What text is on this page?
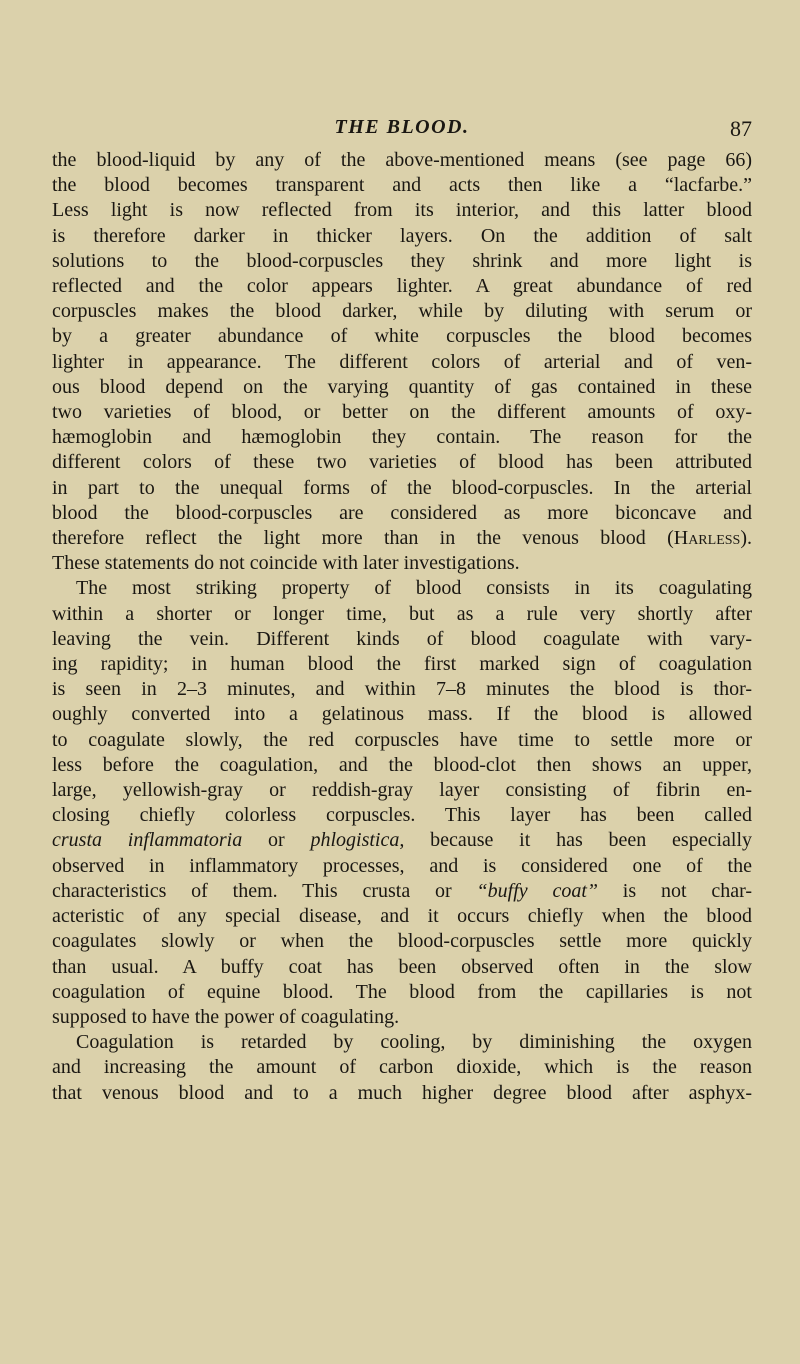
THE BLOOD.	87
the blood-liquid by any of the above-mentioned means (see page 66)
the blood becomes transparent and acts then like a “lacfarbe.”
Less light is now reflected from its interior, and this latter blood
is therefore darker in thicker layers. On the addition of salt
solutions to the blood-corpuscles they shrink and more light is
reflected and the color appears lighter. A great abundance of red
corpuscles makes the blood darker, while by diluting with serum or
by a greater abundance of white corpuscles the blood becomes
lighter in appearance. The different colors of arterial and of ven-
ous blood depend on the varying quantity of gas contained in these
two varieties of blood, or better on the different amounts of oxy-
hæmoglobin and hæmoglobin they contain. The reason for the
different colors of these two varieties of blood has been attributed
in part to the unequal forms of the blood-corpuscles. In the arterial
blood the blood-corpuscles are considered as more biconcave and
therefore reflect the light more than in the venous blood (Harless).
These statements do not coincide with later investigations.
The most striking property of blood consists in its coagulating
within a shorter or longer time, but as a rule very shortly after
leaving the vein. Different kinds of blood coagulate with vary-
ing rapidity; in human blood the first marked sign of coagulation
is seen in 2–3 minutes, and within 7–8 minutes the blood is thor-
oughly converted into a gelatinous mass. If the blood is allowed
to coagulate slowly, the red corpuscles have time to settle more or
less before the coagulation, and the blood-clot then shows an upper,
large, yellowish-gray or reddish-gray layer consisting of fibrin en-
closing chiefly colorless corpuscles. This layer has been called
crusta inflammatoria or phlogistica, because it has been especially
observed in inflammatory processes, and is considered one of the
characteristics of them. This crusta or “buffy coat” is not char-
acteristic of any special disease, and it occurs chiefly when the blood
coagulates slowly or when the blood-corpuscles settle more quickly
than usual. A buffy coat has been observed often in the slow
coagulation of equine blood. The blood from the capillaries is not
supposed to have the power of coagulating.
Coagulation is retarded by cooling, by diminishing the oxygen
and increasing the amount of carbon dioxide, which is the reason
that venous blood and to a much higher degree blood after asphyx-
